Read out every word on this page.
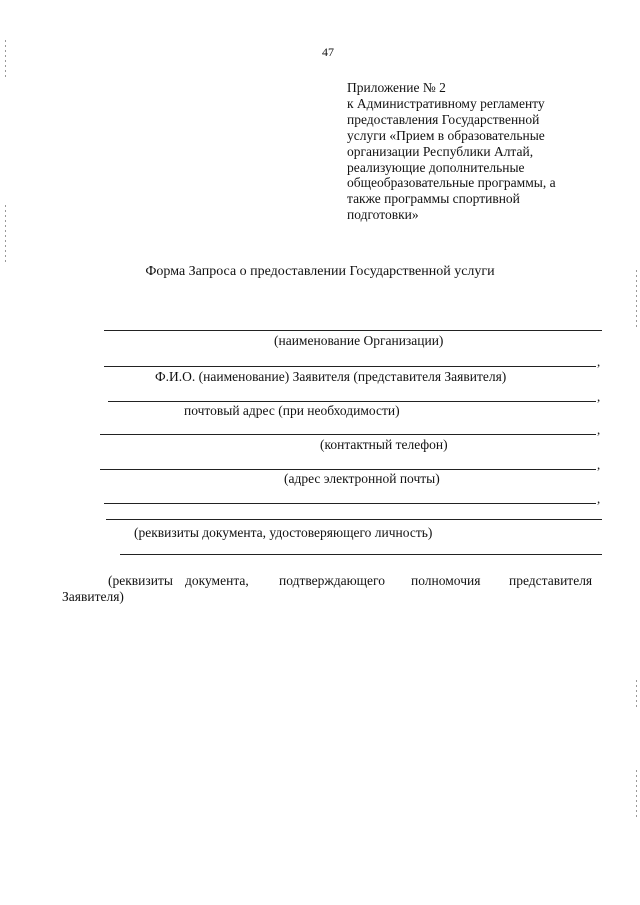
47
Приложение № 2
к Административному регламенту
предоставления Государственной
услуги «Прием в образовательные
организации Республики Алтай,
реализующие дополнительные
общеобразовательные программы, а
также программы спортивной
подготовки»
Форма Запроса о предоставлении Государственной услуги
(наименование Организации)
,
Ф.И.О. (наименование) Заявителя (представителя Заявителя)
,
почтовый адрес (при необходимости)
,
(контактный телефон)
,
(адрес электронной почты)
,
(реквизиты документа, удостоверяющего личность)
(реквизиты документа, подтверждающего полномочия представителя
Заявителя)
